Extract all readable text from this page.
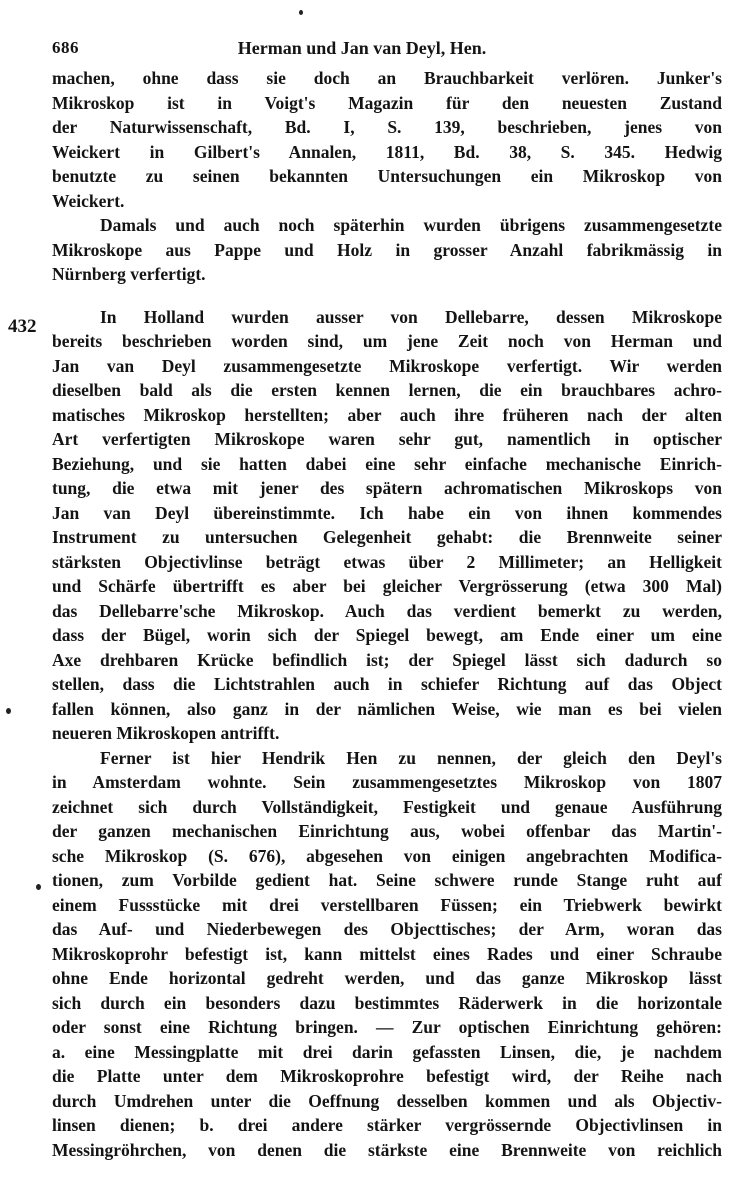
686	Herman und Jan van Deyl, Hen.
432
machen, ohne dass sie doch an Brauchbarkeit verlören. Junker's
Mikroskop ist in Voigt's Magazin für den neuesten Zustand
der Naturwissenschaft, Bd. I, S. 139, beschrieben, jenes von
Weickert in Gilbert's Annalen, 1811, Bd. 38, S. 345. Hedwig
benutzte zu seinen bekannten Untersuchungen ein Mikroskop von
Weickert.
Damals und auch noch späterhin wurden übrigens zusammengesetzte
Mikroskope aus Pappe und Holz in grosser Anzahl fabrikmässig in
Nürnberg verfertigt.
In Holland wurden ausser von Dellebarre, dessen Mikroskope
bereits beschrieben worden sind, um jene Zeit noch von Herman und
Jan van Deyl zusammengesetzte Mikroskope verfertigt. Wir werden
dieselben bald als die ersten kennen lernen, die ein brauchbares achro-
matisches Mikroskop herstellten; aber auch ihre früheren nach der alten
Art verfertigten Mikroskope waren sehr gut, namentlich in optischer
Beziehung, und sie hatten dabei eine sehr einfache mechanische Einrich-
tung, die etwa mit jener des spätern achromatischen Mikroskops von
Jan van Deyl übereinstimmte. Ich habe ein von ihnen kommendes
Instrument zu untersuchen Gelegenheit gehabt: die Brennweite seiner
stärksten Objectivlinse beträgt etwas über 2 Millimeter; an Helligkeit
und Schärfe übertrifft es aber bei gleicher Vergrösserung (etwa 300 Mal)
das Dellebarre'sche Mikroskop. Auch das verdient bemerkt zu werden,
dass der Bügel, worin sich der Spiegel bewegt, am Ende einer um eine
Axe drehbaren Krücke befindlich ist; der Spiegel lässt sich dadurch so
stellen, dass die Lichtstrahlen auch in schiefer Richtung auf das Object
fallen können, also ganz in der nämlichen Weise, wie man es bei vielen
neueren Mikroskopen antrifft.
Ferner ist hier Hendrik Hen zu nennen, der gleich den Deyl's
in Amsterdam wohnte. Sein zusammengesetztes Mikroskop von 1807
zeichnet sich durch Vollständigkeit, Festigkeit und genaue Ausführung
der ganzen mechanischen Einrichtung aus, wobei offenbar das Martin'-
sche Mikroskop (S. 676), abgesehen von einigen angebrachten Modifica-
tionen, zum Vorbilde gedient hat. Seine schwere runde Stange ruht auf
einem Fussstücke mit drei verstellbaren Füssen; ein Triebwerk bewirkt
das Auf- und Niederbewegen des Objecttisches; der Arm, woran das
Mikroskoprohr befestigt ist, kann mittelst eines Rades und einer Schraube
ohne Ende horizontal gedreht werden, und das ganze Mikroskop lässt
sich durch ein besonders dazu bestimmtes Räderwerk in die horizontale
oder sonst eine Richtung bringen. — Zur optischen Einrichtung gehören:
a. eine Messingplatte mit drei darin gefassten Linsen, die, je nachdem
die Platte unter dem Mikroskoprohre befestigt wird, der Reihe nach
durch Umdrehen unter die Oeffnung desselben kommen und als Objectiv-
linsen dienen; b. drei andere stärker vergrössernde Objectivlinsen in
Messingröhrchen, von denen die stärkste eine Brennweite von reichlich
